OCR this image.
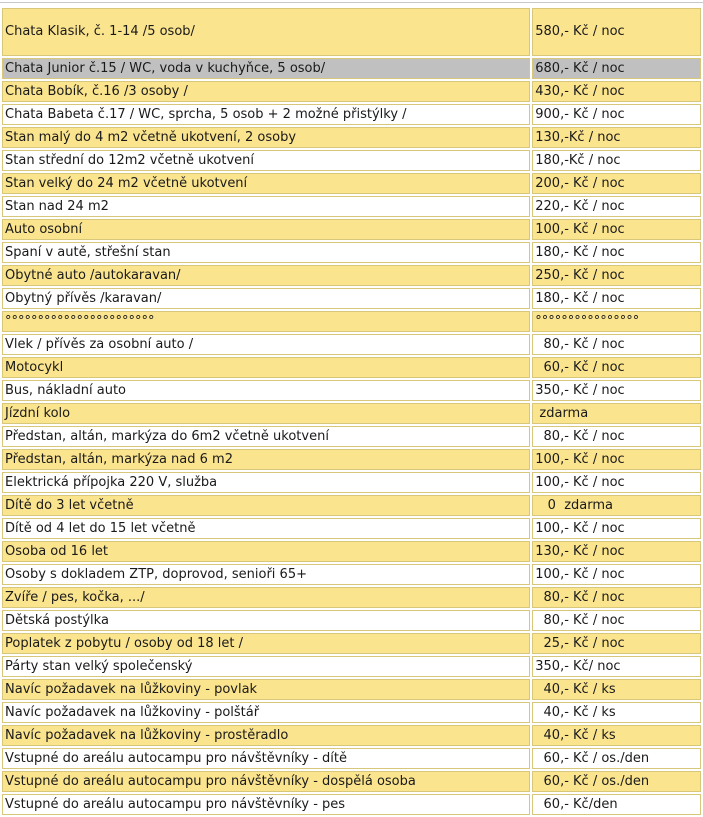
Chata Klasik, č. 1-14 /5 osob/	580,- Kč / noc
Chata Junior č.15 / WC, voda v kuchyňce, 5 osob/	680,- Kč / noc
Chata Bobík, č.16 /3 osoby /	430,- Kč / noc
Chata Babeta č.17 / WC, sprcha, 5 osob + 2 možné přistýlky /	900,- Kč / noc
Stan malý do 4 m2 včetně ukotvení, 2 osoby	130,-Kč / noc
Stan střední do 12m2 včetně ukotvení	180,-Kč / noc
Stan velký do 24 m2 včetně ukotvení	200,- Kč / noc
Stan nad 24 m2	220,- Kč / noc
Auto osobní	100,- Kč / noc
Spaní v autě, střešní stan	180,- Kč / noc
Obytné auto /autokaravan/	250,- Kč / noc
Obytný přívěs /karavan/	180,- Kč / noc
°°°°°°°°°°°°°°°°°°°°°°°	°°°°°°°°°°°°°°°°
Vlek / přívěs za osobní auto /	80,- Kč / noc
Motocykl	60,- Kč / noc
Bus, nákladní auto	350,- Kč / noc
Jízdní kolo	zdarma
Předstan, altán, markýza do 6m2 včetně ukotvení	80,- Kč / noc
Předstan, altán, markýza nad 6 m2	100,- Kč / noc
Elektrická přípojka 220 V, služba	100,- Kč / noc
Dítě do 3 let včetně	0  zdarma
Dítě od 4 let do 15 let včetně	100,- Kč / noc
Osoba od 16 let	130,- Kč / noc
Osoby s dokladem ZTP, doprovod, senioři 65+	100,- Kč / noc
Zvíře / pes, kočka, .../	80,- Kč / noc
Dětská postýlka	80,- Kč / noc
Poplatek z pobytu / osoby od 18 let /	25,- Kč / noc
Párty stan velký společenský	350,- Kč/ noc
Navíc požadavek na lůžkoviny - povlak	40,- Kč / ks
Navíc požadavek na lůžkoviny - polštář	40,- Kč / ks
Navíc požadavek na lůžkoviny - prostěradlo	40,- Kč / ks
Vstupné do areálu autocampu pro návštěvníky - dítě	60,- Kč / os./den
Vstupné do areálu autocampu pro návštěvníky - dospělá osoba	60,- Kč / os./den
Vstupné do areálu autocampu pro návštěvníky - pes	60,- Kč/den
